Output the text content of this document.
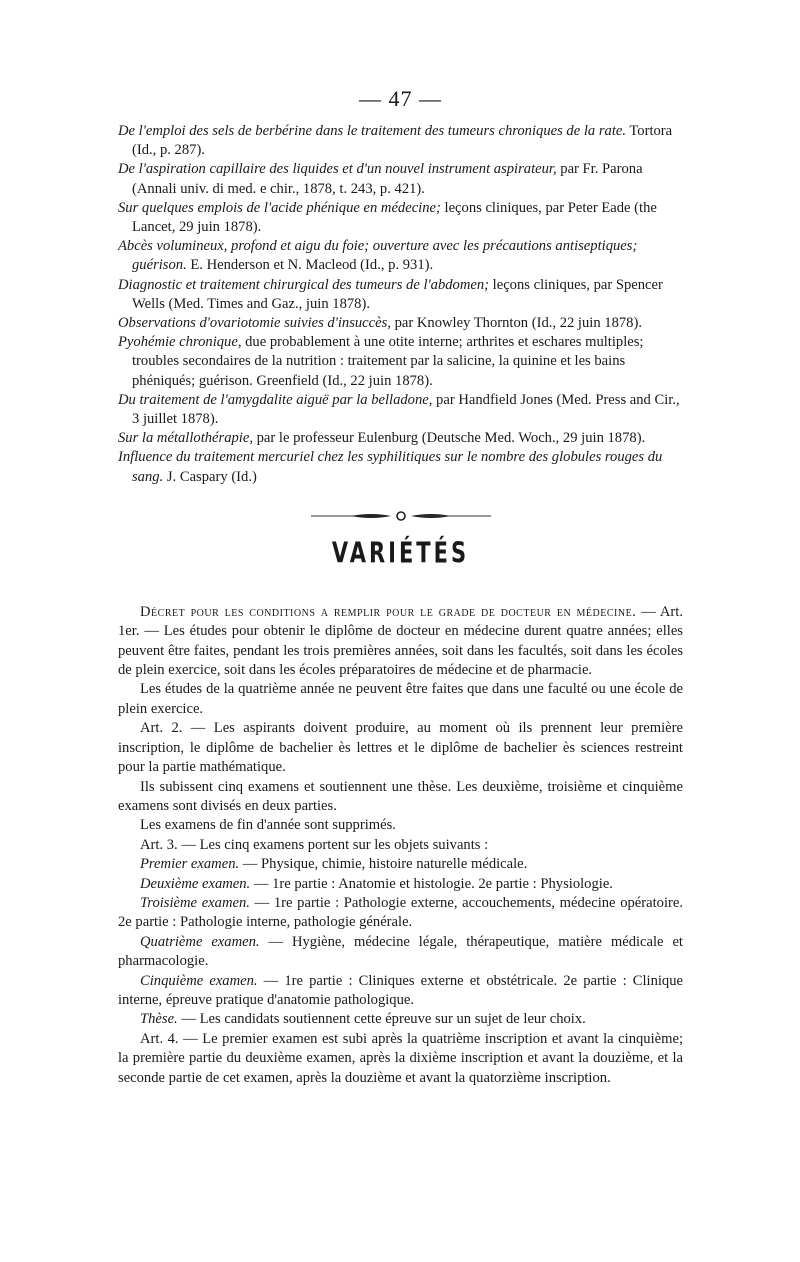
— 47 —

De l'emploi des sels de berbérine dans le traitement des tumeurs chroniques de la rate. Tortora (Id., p. 287).

De l'aspiration capillaire des liquides et d'un nouvel instrument aspirateur, par Fr. Parona (Annali univ. di med. e chir., 1878, t. 243, p. 421).

Sur quelques emplois de l'acide phénique en médecine; leçons cliniques, par Peter Eade (the Lancet, 29 juin 1878).

Abcès volumineux, profond et aigu du foie; ouverture avec les précautions antiseptiques; guérison. E. Henderson et N. Macleod (Id., p. 931).

Diagnostic et traitement chirurgical des tumeurs de l'abdomen; leçons cliniques, par Spencer Wells (Med. Times and Gaz., juin 1878).

Observations d'ovariotomie suivies d'insuccès, par Knowley Thornton (Id., 22 juin 1878).

Pyohémie chronique, due probablement à une otite interne; arthrites et eschares multiples; troubles secondaires de la nutrition : traitement par la salicine, la quinine et les bains phéniqués; guérison. Greenfield (Id., 22 juin 1878).

Du traitement de l'amygdalite aiguë par la belladone, par Handfield Jones (Med. Press and Cir., 3 juillet 1878).

Sur la métallothérapie, par le professeur Eulenburg (Deutsche Med. Woch., 29 juin 1878).

Influence du traitement mercuriel chez les syphilitiques sur le nombre des globules rouges du sang. J. Caspary (Id.)

VARIÉTÉS

Décret pour les conditions a remplir pour le grade de docteur en médecine. — Art. 1er. — Les études pour obtenir le diplôme de docteur en médecine durent quatre années; elles peuvent être faites, pendant les trois premières années, soit dans les facultés, soit dans les écoles de plein exercice, soit dans les écoles préparatoires de médecine et de pharmacie.

Les études de la quatrième année ne peuvent être faites que dans une faculté ou une école de plein exercice.

Art. 2. — Les aspirants doivent produire, au moment où ils prennent leur première inscription, le diplôme de bachelier ès lettres et le diplôme de bachelier ès sciences restreint pour la partie mathématique.

Ils subissent cinq examens et soutiennent une thèse. Les deuxième, troisième et cinquième examens sont divisés en deux parties.

Les examens de fin d'année sont supprimés.

Art. 3. — Les cinq examens portent sur les objets suivants :

Premier examen. — Physique, chimie, histoire naturelle médicale.

Deuxième examen. — 1re partie : Anatomie et histologie. 2e partie : Physiologie.

Troisième examen. — 1re partie : Pathologie externe, accouchements, médecine opératoire. 2e partie : Pathologie interne, pathologie générale.

Quatrième examen. — Hygiène, médecine légale, thérapeutique, matière médicale et pharmacologie.

Cinquième examen. — 1re partie : Cliniques externe et obstétricale. 2e partie : Clinique interne, épreuve pratique d'anatomie pathologique.

Thèse. — Les candidats soutiennent cette épreuve sur un sujet de leur choix.

Art. 4. — Le premier examen est subi après la quatrième inscription et avant la cinquième; la première partie du deuxième examen, après la dixième inscription et avant la douzième, et la seconde partie de cet examen, après la douzième et avant la quatorzième inscription.
